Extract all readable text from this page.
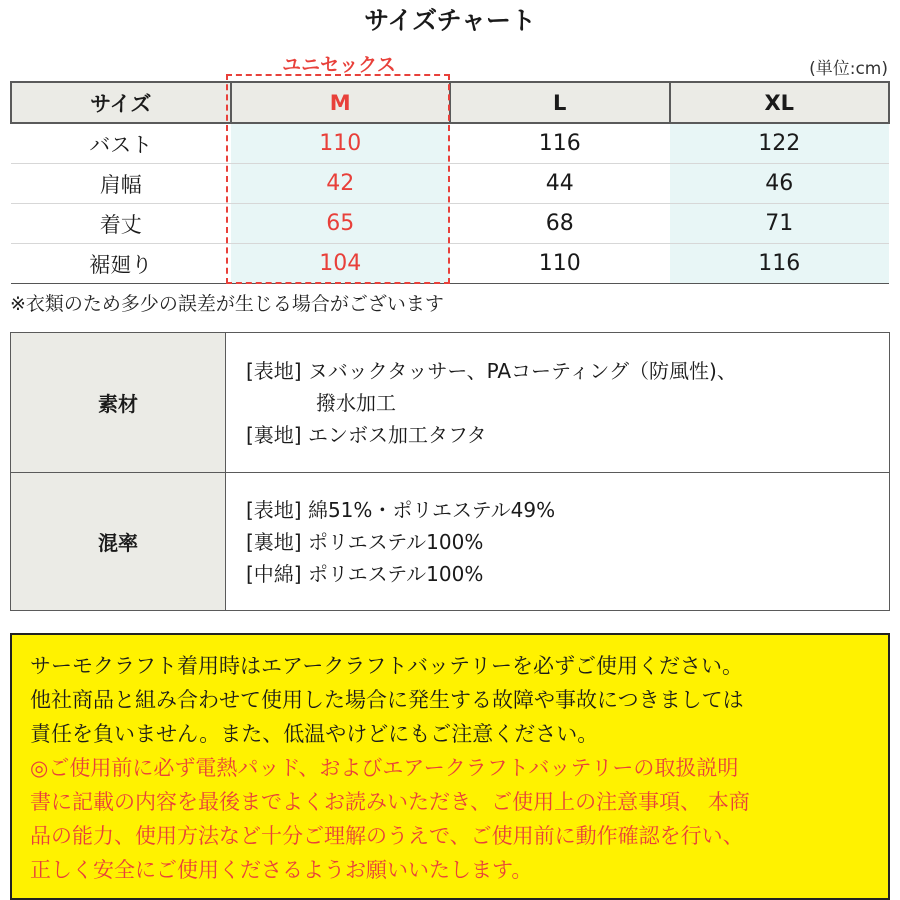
サイズチャート
ユニセックス	(単位:cm)
サイズ	M	L	XL
バスト	110	116	122
肩幅	42	44	46
着丈	65	68	71
裾廻り	104	110	116
※衣類のため多少の誤差が生じる場合がございます
素材	[表地] ヌバックタッサー、PAコーティング（防風性)、
撥水加工
[裏地] エンボス加工タフタ

混率	[表地] 綿51%・ポリエステル49%
[裏地] ポリエステル100%
[中綿] ポリエステル100%

サーモクラフト着用時はエアークラフトバッテリーを必ずご使用ください。

他社商品と組み合わせて使用した場合に発生する故障や事故につきましては

責任を負いません。また、低温やけどにもご注意ください。

◎ご使用前に必ず電熱パッド、およびエアークラフトバッテリーの取扱説明

書に記載の内容を最後までよくお読みいただき、ご使用上の注意事項、 本商

品の能力、使用方法など十分ご理解のうえで、ご使用前に動作確認を行い、

正しく安全にご使用くださるようお願いいたします。
